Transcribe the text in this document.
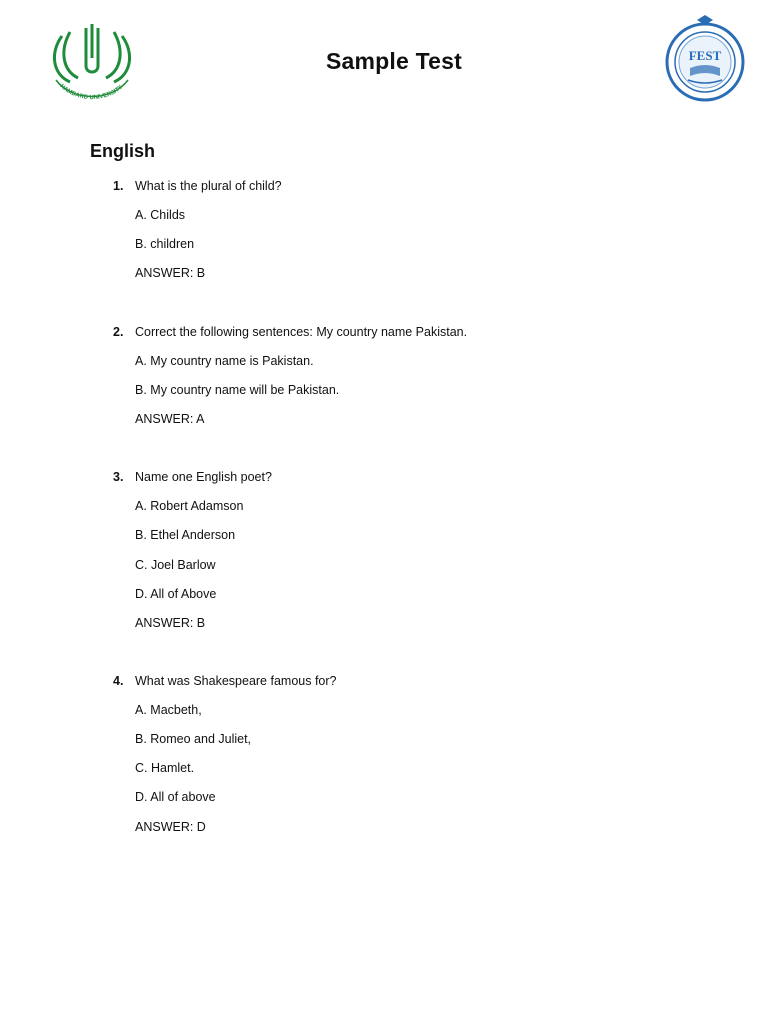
HAMDARD UNIVERSITY
FEST
Sample Test
English
1. What is the plural of child?
A. Childs
B. children
ANSWER: B
2. Correct the following sentences: My country name Pakistan.
A. My country name is Pakistan.
B. My country name will be Pakistan.
ANSWER: A
3. Name one English poet?
A. Robert Adamson
B. Ethel Anderson
C. Joel Barlow
D. All of Above
ANSWER: B
4. What was Shakespeare famous for?
A. Macbeth,
B. Romeo and Juliet,
C. Hamlet.
D. All of above
ANSWER: D
